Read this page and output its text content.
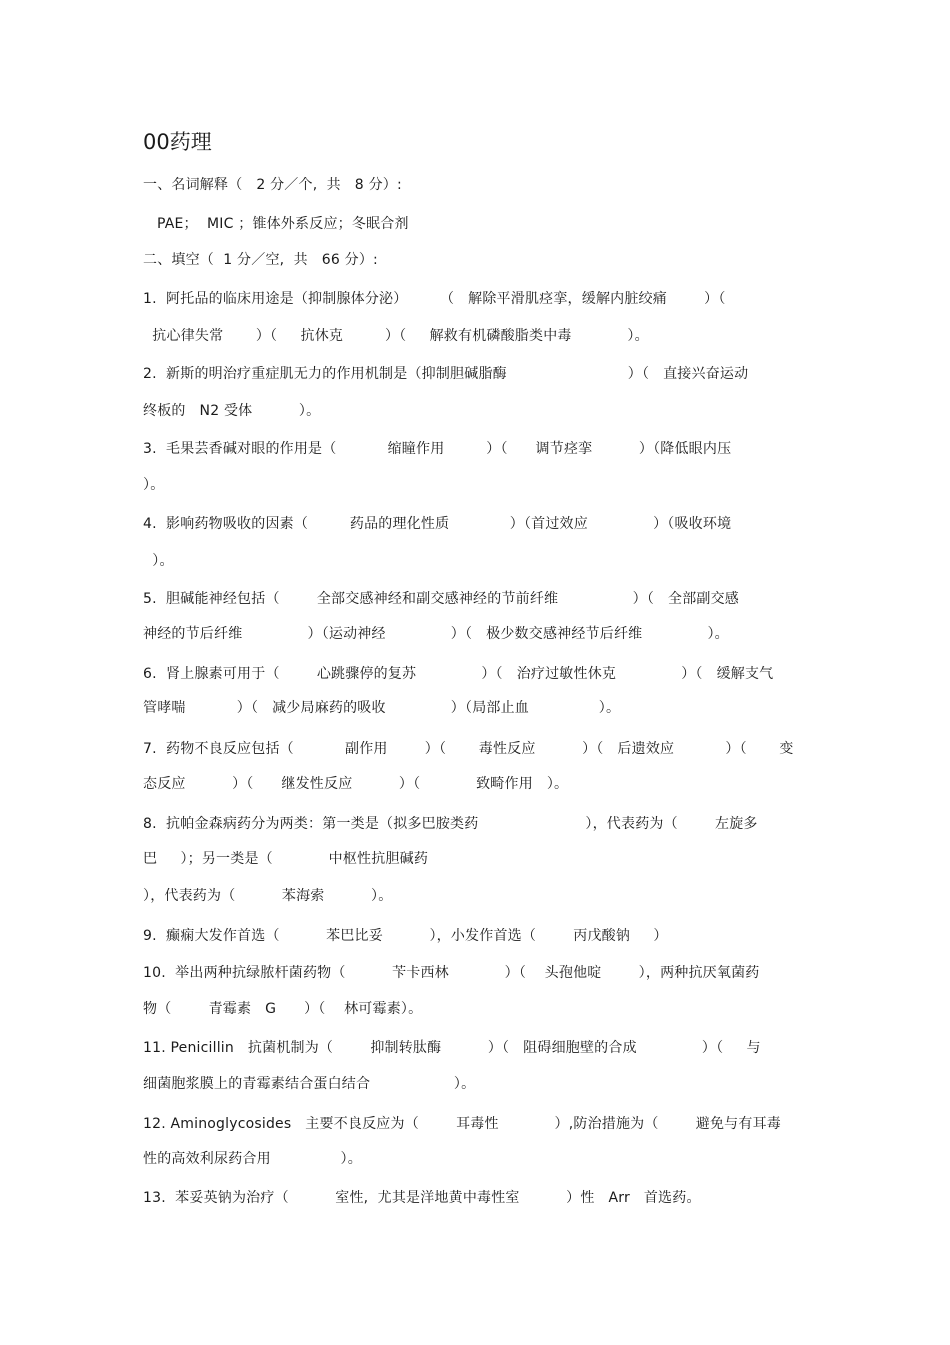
00药理
一、名词解释（   2 分／个,  共   8 分）:
PAE；  MIC ；锥体外系反应；冬眠合剂
二、填空（  1 分／空,  共   66 分）:
1.  阿托品的临床用途是（抑制腺体分泌）       （   解除平滑肌痉挛，缓解内脏绞痛        ）（
抗心律失常       ）（     抗休克         ）（     解救有机磷酸脂类中毒            ）。
2.  新斯的明治疗重症肌无力的作用机制是（抑制胆碱脂酶                          ）（   直接兴奋运动
终板的   N2 受体          ）。
3.  毛果芸香碱对眼的作用是（           缩瞳作用         ）（      调节痉挛          ）（降低眼内压
）。
4.  影响药物吸收的因素（         药品的理化性质             ）（首过效应              ）（吸收环境
）。
5.  胆碱能神经包括（        全部交感神经和副交感神经的节前纤维                ）（   全部副交感
神经的节后纤维              ）（运动神经              ）（   极少数交感神经节后纤维              ）。
6.  肾上腺素可用于（        心跳骤停的复苏              ）（   治疗过敏性休克              ）（   缓解支气
管哮喘           ）（   减少局麻药的吸收              ）（局部止血               ）。
7.  药物不良反应包括（           副作用        ）（       毒性反应          ）（   后遗效应           ）（       变
态反应          ）（      继发性反应          ）（            致畸作用   ）。
8.  抗帕金森病药分为两类：第一类是（拟多巴胺类药                       ），代表药为（        左旋多
巴     ）；另一类是（            中枢性抗胆碱药
），代表药为（          苯海索          ）。
9.  癫痫大发作首选（          苯巴比妥          ），小发作首选（        丙戊酸钠     ）
10.  举出两种抗绿脓杆菌药物（          苄卡西林            ）（    头孢他啶        ），两种抗厌氧菌药
物（        青霉素   G      ）（    林可霉素）。
11. Penicillin   抗菌机制为（        抑制转肽酶          ）（   阻碍细胞壁的合成              ）（     与
细菌胞浆膜上的青霉素结合蛋白结合                  ）。
12. Aminoglycosides   主要不良反应为（        耳毒性            ）,防治措施为（        避免与有耳毒
性的高效利尿药合用               ）。
13.  苯妥英钠为治疗（          室性,  尤其是洋地黄中毒性室          ）性   Arr   首选药。
